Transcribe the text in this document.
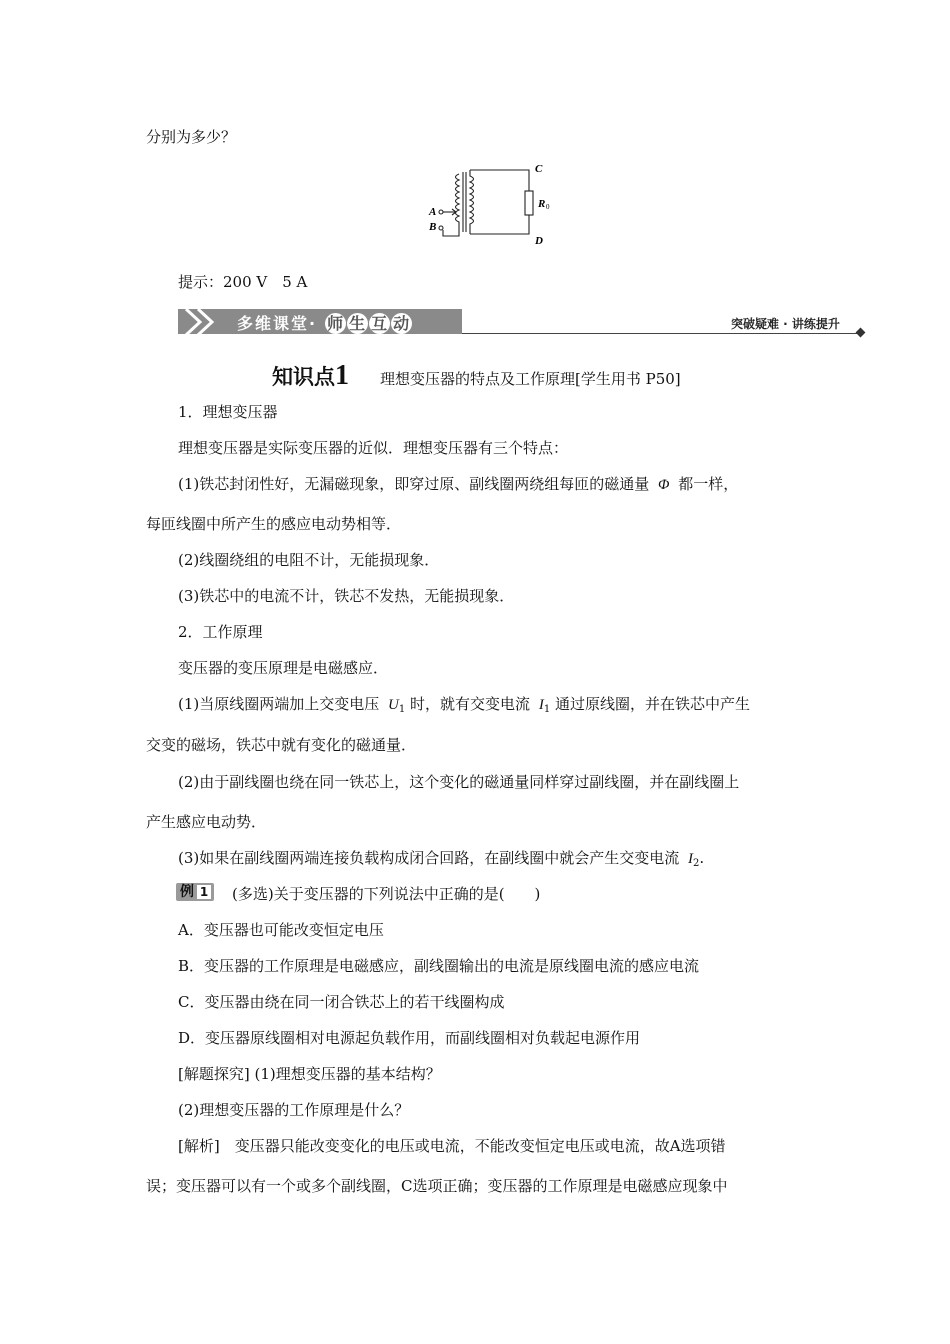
分别为多少？
C
R 0
A
B
D
提示：200 V　5 A
多维课堂· 师 生 互 动	突破疑难 · 讲练提升
知识点1 理想变压器的特点及工作原理[学生用书 P50]
1．理想变压器
理想变压器是实际变压器的近似．理想变压器有三个特点：
(1)铁芯封闭性好，无漏磁现象，即穿过原、副线圈两绕组每匝的磁通量 Φ 都一样，
每匝线圈中所产生的感应电动势相等．
(2)线圈绕组的电阻不计，无能损现象．
(3)铁芯中的电流不计，铁芯不发热，无能损现象．
2．工作原理
变压器的变压原理是电磁感应．
(1)当原线圈两端加上交变电压 $U_1$ 时，就有交变电流 $I_1$ 通过原线圈，并在铁芯中产生
交变的磁场，铁芯中就有变化的磁通量．
(2)由于副线圈也绕在同一铁芯上，这个变化的磁通量同样穿过副线圈，并在副线圈上
产生感应电动势．
(3)如果在副线圈两端连接负载构成闭合回路，在副线圈中就会产生交变电流 $I_2$.
例 1	(多选)关于变压器的下列说法中正确的是(　　)
A．变压器也可能改变恒定电压
B．变压器的工作原理是电磁感应，副线圈输出的电流是原线圈电流的感应电流
C．变压器由绕在同一闭合铁芯上的若干线圈构成
D．变压器原线圈相对电源起负载作用，而副线圈相对负载起电源作用
[解题探究] (1)理想变压器的基本结构？
(2)理想变压器的工作原理是什么？
[解析]　变压器只能改变变化的电压或电流，不能改变恒定电压或电流，故A选项错
误；变压器可以有一个或多个副线圈，C选项正确；变压器的工作原理是电磁感应现象中
